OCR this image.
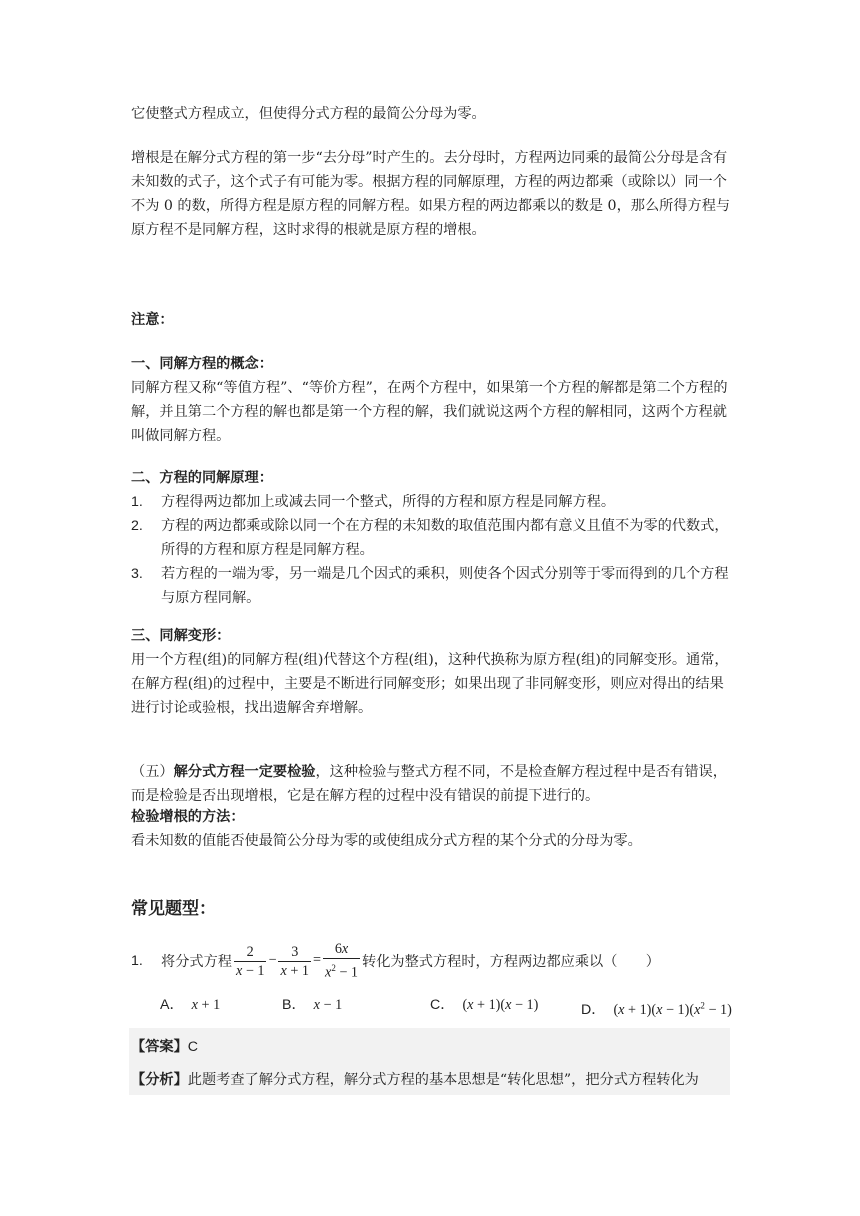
它使整式方程成立，但使得分式方程的最简公分母为零。

增根是在解分式方程的第一步“去分母”时产生的。去分母时，方程两边同乘的最简公分母是含有未知数的式子，这个式子有可能为零。根据方程的同解原理，方程的两边都乘（或除以）同一个不为 0 的数，所得方程是原方程的同解方程。如果方程的两边都乘以的数是 0，那么所得方程与原方程不是同解方程，这时求得的根就是原方程的增根。

注意：

一、同解方程的概念：

同解方程又称“等值方程”、“等价方程”，在两个方程中，如果第一个方程的解都是第二个方程的解，并且第二个方程的解也都是第一个方程的解，我们就说这两个方程的解相同，这两个方程就叫做同解方程。

二、方程的同解原理：

1. 方程得两边都加上或减去同一个整式，所得的方程和原方程是同解方程。
2. 方程的两边都乘或除以同一个在方程的未知数的取值范围内都有意义且值不为零的代数式，所得的方程和原方程是同解方程。
3. 若方程的一端为零，另一端是几个因式的乘积，则使各个因式分别等于零而得到的几个方程与原方程同解。

三、同解变形：

用一个方程(组)的同解方程(组)代替这个方程(组)，这种代换称为原方程(组)的同解变形。通常，在解方程(组)的过程中，主要是不断进行同解变形；如果出现了非同解变形，则应对得出的结果进行讨论或验根，找出遗解舍弃增解。

（五）解分式方程一定要检验，这种检验与整式方程不同，不是检查解方程过程中是否有错误，而是检验是否出现增根，它是在解方程的过程中没有错误的前提下进行的。

检验增根的方法：

看未知数的值能否使最简公分母为零的或使组成分式方程的某个分式的分母为零。

常见题型：
1.	将分式方程 $\frac{2}{x - 1} - \frac{3}{x + 1} = \frac{6x}{x^2 - 1}$ 转化为整式方程时，方程两边都应乘以（　　）
A． x + 1	B． x − 1	C． (x + 1)(x − 1)	D． $(x + 1)(x - 1)(x^2 - 1)$
【答案】C
【分析】此题考查了解分式方程，解分式方程的基本思想是“转化思想”，把分式方程转化为
